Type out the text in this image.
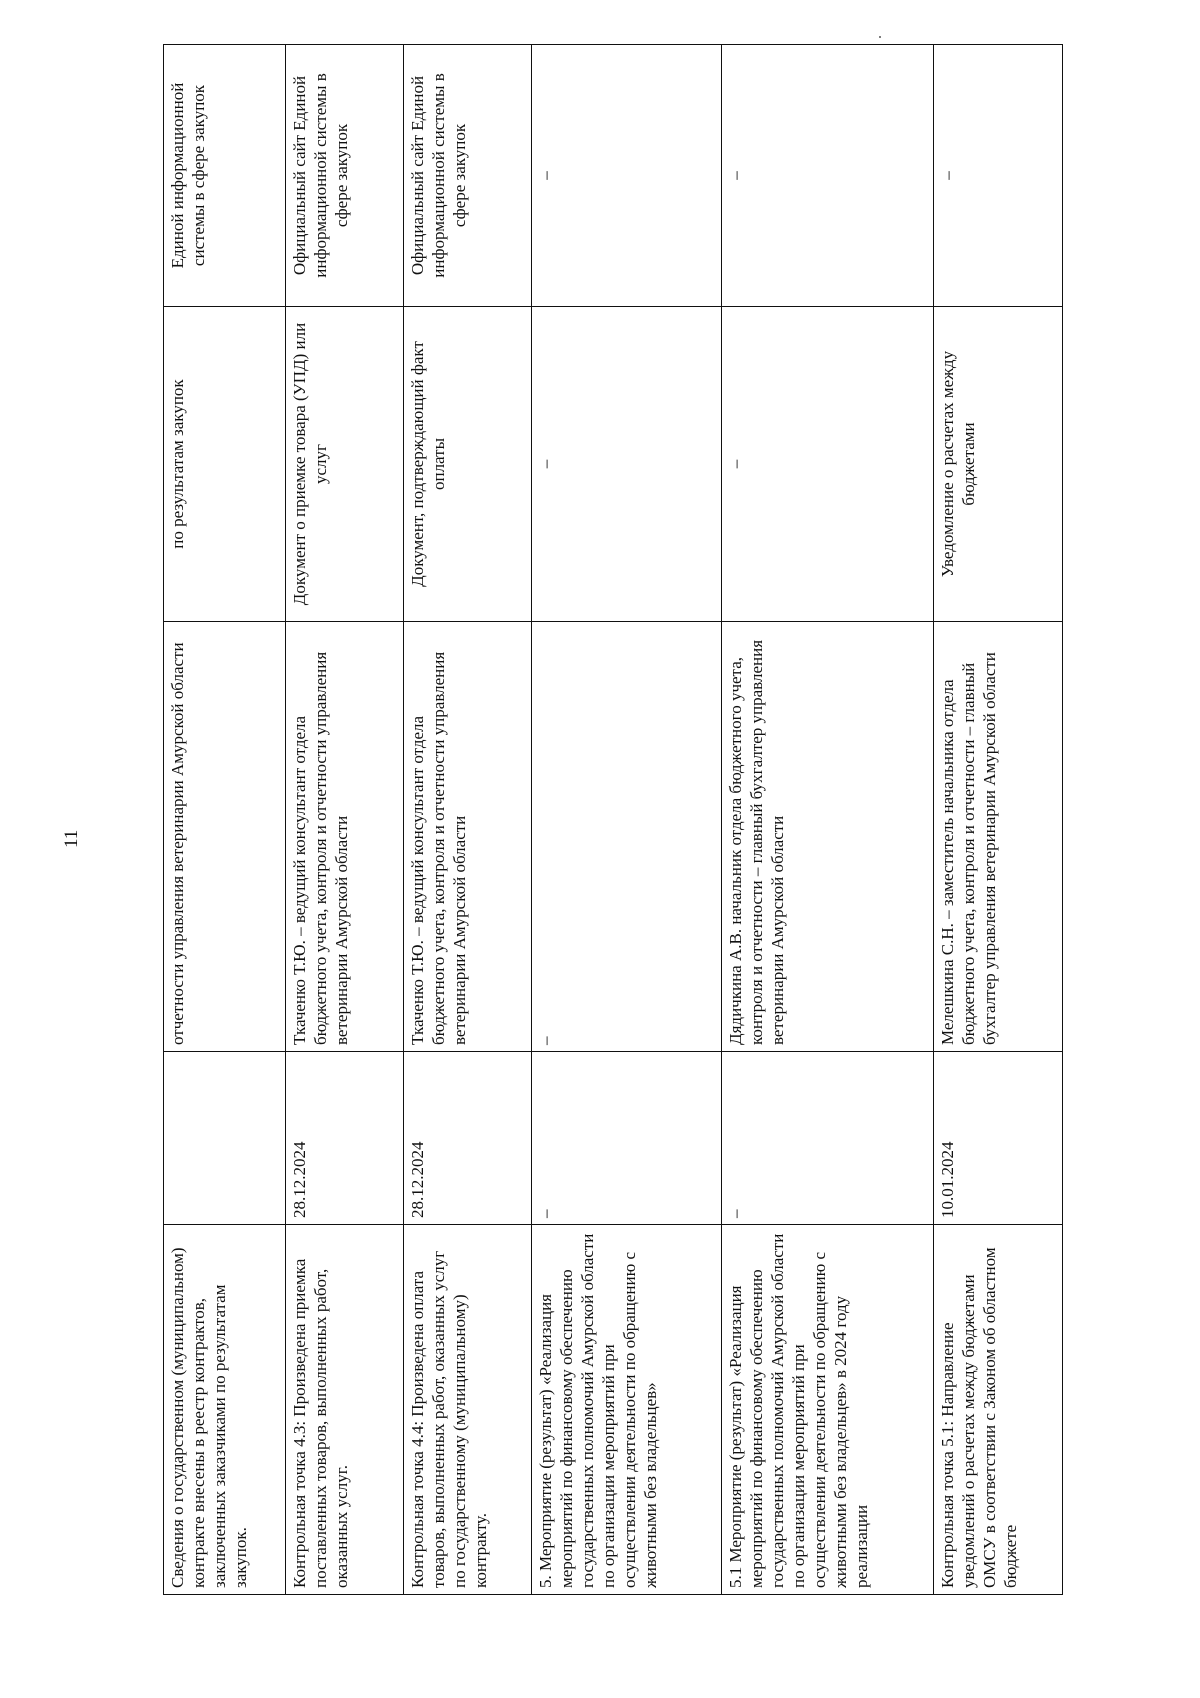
11
Сведения о государственном (муниципальном) контракте внесены в реестр контрактов, заключенных заказчиками по результатам закупок.		отчетности управления ветеринарии Амурской области	по результатам закупок	Единой информационной системы в сфере закупок
Контрольная точка 4.3: Произведена приемка поставленных товаров, выполненных работ, оказанных услуг.	28.12.2024	Ткаченко Т.Ю. – ведущий консультант отдела бюджетного учета, контроля и отчетности управления ветеринарии Амурской области	Документ о приемке товара (УПД) или услуг	Официальный сайт Единой информационной системы в сфере закупок
Контрольная точка 4.4: Произведена оплата товаров, выполненных работ, оказанных услуг по государственному (муниципальному) контракту.	28.12.2024	Ткаченко Т.Ю. – ведущий консультант отдела бюджетного учета, контроля и отчетности управления ветеринарии Амурской области	Документ, подтверждающий факт оплаты	Официальный сайт Единой информационной системы в сфере закупок
5. Мероприятие (результат) «Реализация мероприятий по финансовому обеспечению государственных полномочий Амурской области по организации мероприятий при осуществлении деятельности по обращению с животными без владельцев»	–	–	–	–
5.1 Мероприятие (результат) «Реализация мероприятий по финансовому обеспечению государственных полномочий Амурской области по организации мероприятий при осуществлении деятельности по обращению с животными без владельцев» в 2024 году реализации	–	Дядичкина А.В. начальник отдела бюджетного учета, контроля и отчетности – главный бухгалтер управления ветеринарии Амурской области	–	–
Контрольная точка 5.1: Направление уведомлений о расчетах между бюджетами ОМСУ в соответствии с Законом об областном бюджете	10.01.2024	Мелешкина С.Н. – заместитель начальника отдела бюджетного учета, контроля и отчетности – главный бухгалтер управления ветеринарии Амурской области	Уведомление о расчетах между бюджетами	–
